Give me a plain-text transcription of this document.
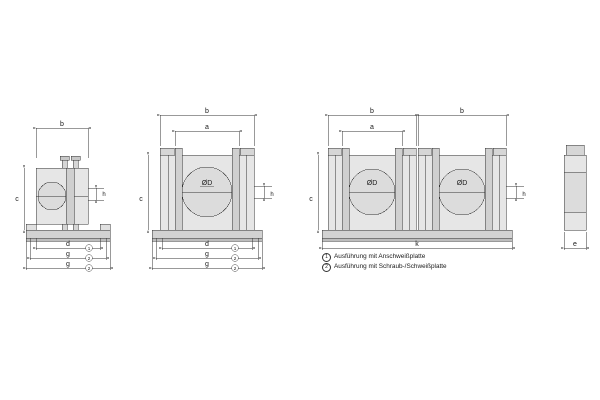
b
c
h
d
g
g
b
a
c
h
ØD
d
g
g
b	b
a
c
h
ØD	ØD
k	e
1
2
2
1
2
2
1 Ausführung mit Anschweißplatte
2 Ausführung mit Schraub-/Schweißplatte
